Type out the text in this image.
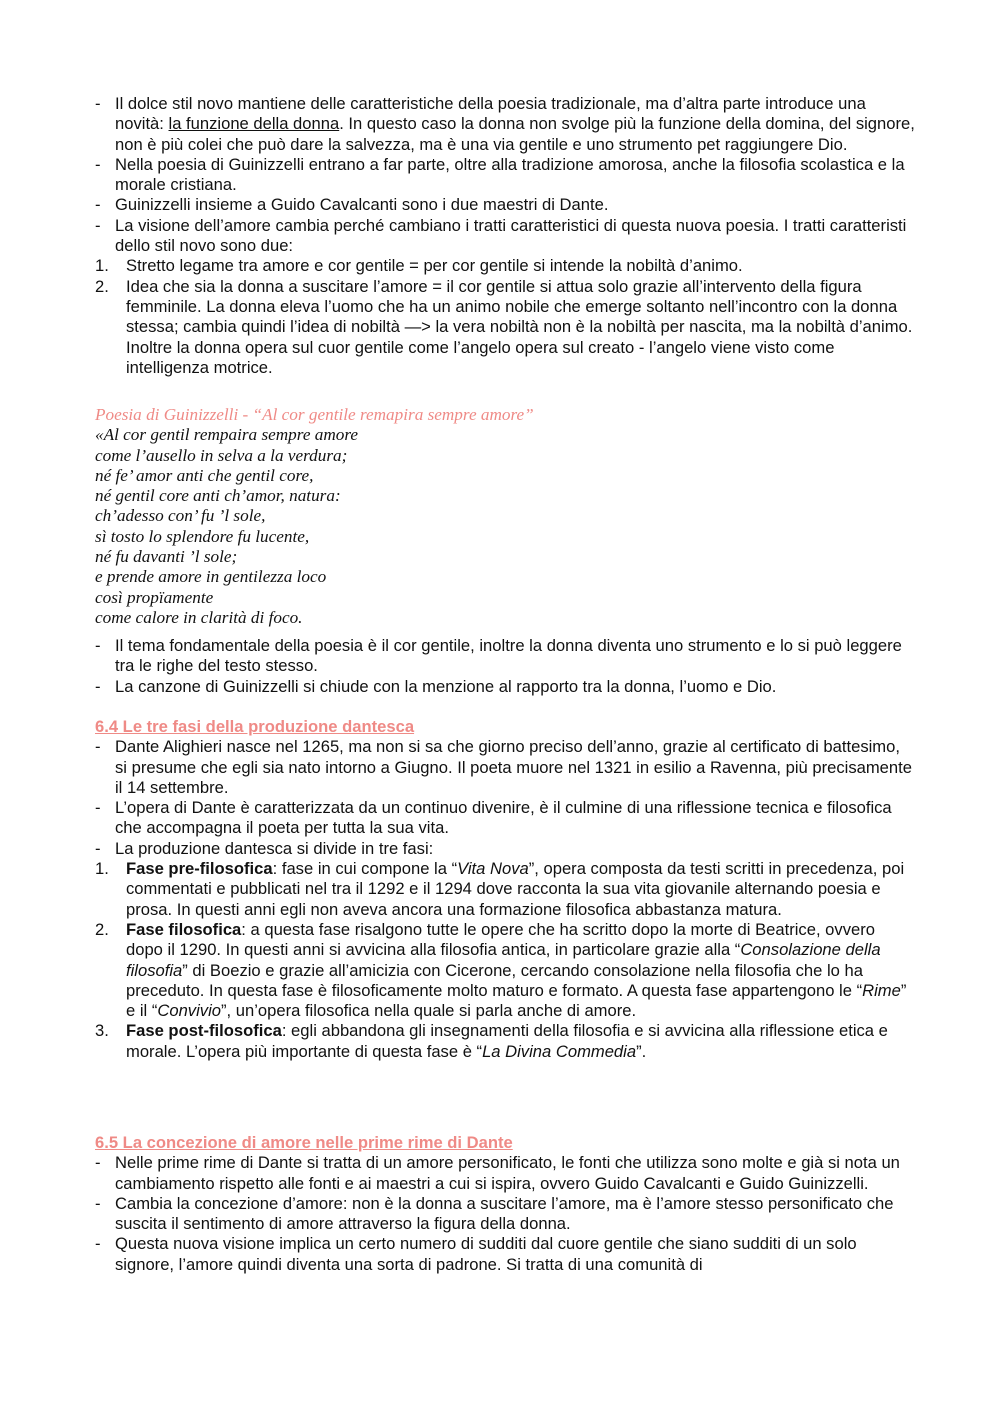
- Il dolce stil novo mantiene delle caratteristiche della poesia tradizionale, ma d’altra parte introduce una novità: la funzione della donna. In questo caso la donna non svolge più la funzione della domina, del signore, non è più colei che può dare la salvezza, ma è una via gentile e uno strumento pet raggiungere Dio.
- Nella poesia di Guinizzelli entrano a far parte, oltre alla tradizione amorosa, anche la filosofia scolastica e la morale cristiana.
- Guinizzelli insieme a Guido Cavalcanti sono i due maestri di Dante.
- La visione dell’amore cambia perché cambiano i tratti caratteristici di questa nuova poesia. I tratti caratteristi dello stil novo sono due:
1.	Stretto legame tra amore e cor gentile = per cor gentile si intende la nobiltà d’animo.
2.	Idea che sia la donna a suscitare l’amore = il cor gentile si attua solo grazie all’intervento della figura femminile. La donna eleva l’uomo che ha un animo nobile che emerge soltanto nell’incontro con la donna stessa; cambia quindi l’idea di nobiltà —> la vera nobiltà non è la nobiltà per nascita, ma la nobiltà d’animo. Inoltre la donna opera sul cuor gentile come l’angelo opera sul creato - l’angelo viene visto come intelligenza motrice.
Poesia di Guinizzelli - “Al cor gentile remapira sempre amore”
«Al cor gentil rempaira sempre amore
come l’ausello in selva a la verdura;
né fe’ amor anti che gentil core,
né gentil core anti ch’amor, natura:
ch’adesso con’ fu ’l sole,
sì tosto lo splendore fu lucente,
né fu davanti ’l sole;
e prende amore in gentilezza loco
così propïamente
come calore in clarità di foco.
- Il tema fondamentale della poesia è il cor gentile, inoltre la donna diventa uno strumento e lo si può leggere tra le righe del testo stesso.
- La canzone di Guinizzelli si chiude con la menzione al rapporto tra la donna, l’uomo e Dio.
6.4 Le tre fasi della produzione dantesca
- Dante Alighieri nasce nel 1265, ma non si sa che giorno preciso dell’anno, grazie al certificato di battesimo, si presume che egli sia nato intorno a Giugno. Il poeta muore nel 1321 in esilio a Ravenna, più precisamente il 14 settembre.
- L’opera di Dante è caratterizzata da un continuo divenire, è il culmine di una riflessione tecnica e filosofica che accompagna il poeta per tutta la sua vita.
- La produzione dantesca si divide in tre fasi:
1.	Fase pre-filosofica: fase in cui compone la “Vita Nova”, opera composta da testi scritti in precedenza, poi commentati e pubblicati nel tra il 1292 e il 1294 dove racconta la sua vita giovanile alternando poesia e prosa. In questi anni egli non aveva ancora una formazione filosofica abbastanza matura.
2.	Fase filosofica: a questa fase risalgono tutte le opere che ha scritto dopo la morte di Beatrice, ovvero dopo il 1290. In questi anni si avvicina alla filosofia antica, in particolare grazie alla “Consolazione della filosofia” di Boezio e grazie all’amicizia con Cicerone, cercando consolazione nella filosofia che lo ha preceduto. In questa fase è filosoficamente molto maturo e formato. A questa fase appartengono le “Rime” e il “Convivio”, un’opera filosofica nella quale si parla anche di amore.
3.	Fase post-filosofica: egli abbandona gli insegnamenti della filosofia e si avvicina alla riflessione etica e morale. L’opera più importante di questa fase è “La Divina Commedia”.
6.5 La concezione di amore nelle prime rime di Dante
- Nelle prime rime di Dante si tratta di un amore personificato, le fonti che utilizza sono molte e già si nota un cambiamento rispetto alle fonti e ai maestri a cui si ispira, ovvero Guido Cavalcanti e Guido Guinizzelli.
- Cambia la concezione d’amore: non è la donna a suscitare l’amore, ma è l’amore stesso personificato che suscita il sentimento di amore attraverso la figura della donna.
- Questa nuova visione implica un certo numero di sudditi dal cuore gentile che siano sudditi di un solo signore, l’amore quindi diventa una sorta di padrone. Si tratta di una comunità di
